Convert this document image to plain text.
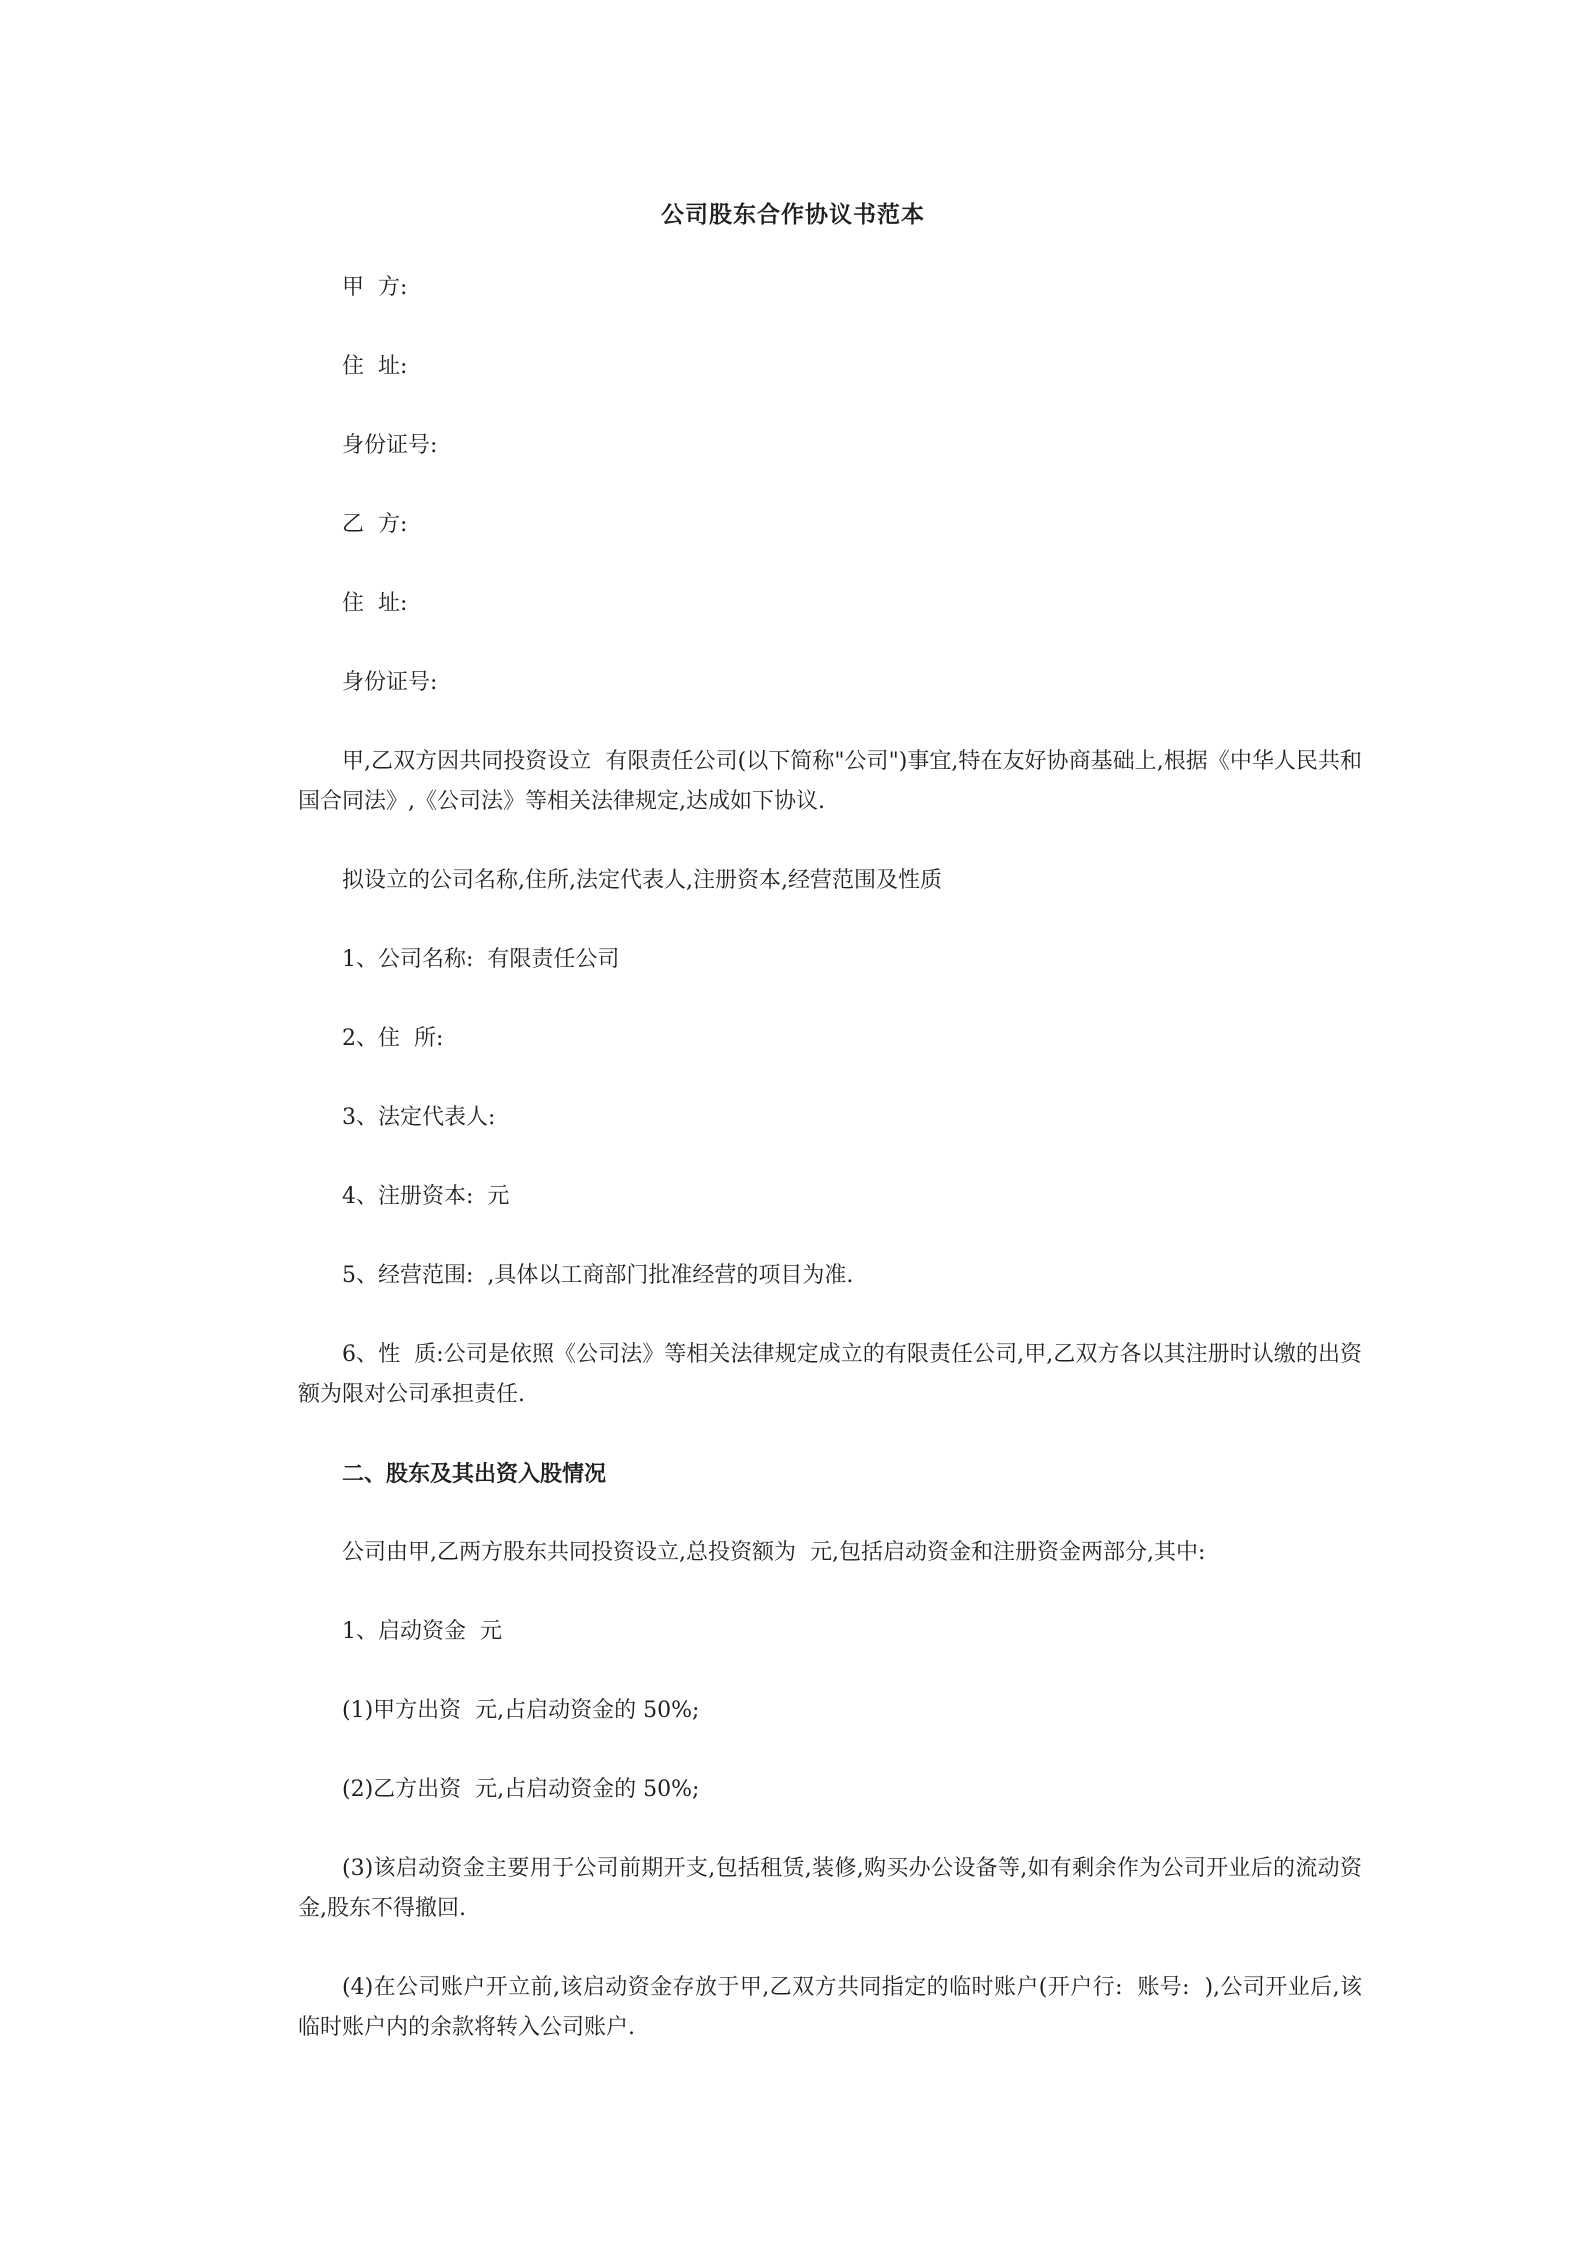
公司股东合作协议书范本

甲  方:

住  址:

身份证号:

乙  方:

住  址:

身份证号:

甲,乙双方因共同投资设立  有限责任公司(以下简称"公司")事宜,特在友好协商基础上,根据《中华人民共和国合同法》,《公司法》等相关法律规定,达成如下协议.

拟设立的公司名称,住所,法定代表人,注册资本,经营范围及性质

1、公司名称:  有限责任公司

2、住  所:

3、法定代表人:

4、注册资本:  元

5、经营范围:  ,具体以工商部门批准经营的项目为准.

6、性  质:公司是依照《公司法》等相关法律规定成立的有限责任公司,甲,乙双方各以其注册时认缴的出资额为限对公司承担责任.

二、股东及其出资入股情况

公司由甲,乙两方股东共同投资设立,总投资额为  元,包括启动资金和注册资金两部分,其中:

1、启动资金  元

(1)甲方出资  元,占启动资金的 50%;

(2)乙方出资  元,占启动资金的 50%;

(3)该启动资金主要用于公司前期开支,包括租赁,装修,购买办公设备等,如有剩余作为公司开业后的流动资金,股东不得撤回.

(4)在公司账户开立前,该启动资金存放于甲,乙双方共同指定的临时账户(开户行:  账号:  ),公司开业后,该临时账户内的余款将转入公司账户.
